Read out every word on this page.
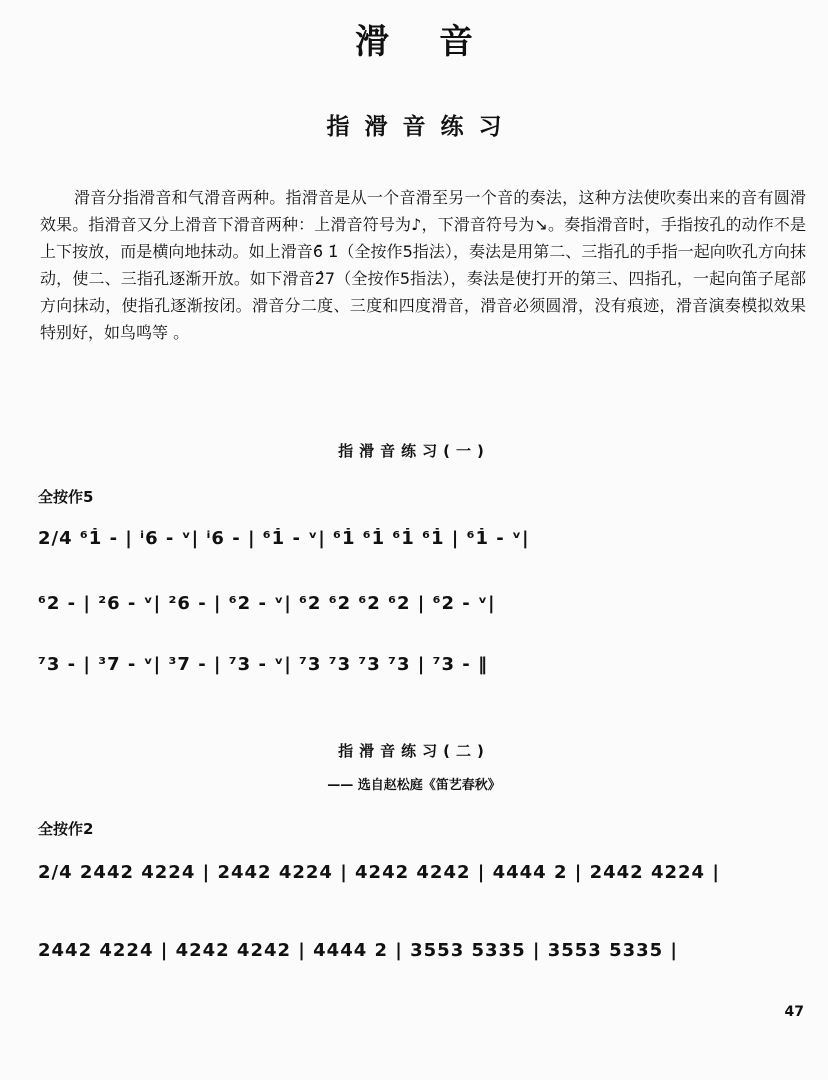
滑音
指滑音练习

滑音分指滑音和气滑音两种。指滑音是从一个音滑至另一个音的奏法，这种方法使吹奏出来的音有圆滑效果。指滑音又分上滑音下滑音两种：上滑音符号为♪，下滑音符号为↘。奏指滑音时，手指按孔的动作不是上下按放，而是横向地抹动。如上滑音6̄ 1̇（全按作5指法），奏法是用第二、三指孔的手指一起向吹孔方向抹动，使二、三指孔逐渐开放。如下滑音2̂7（全按作5指法），奏法是使打开的第三、四指孔，一起向笛子尾部方向抹动，使指孔逐渐按闭。滑音分二度、三度和四度滑音，滑音必须圆滑，没有痕迹，滑音演奏模拟效果特别好，如鸟鸣等 。

指滑音练习(一)
全按作5
2/4 ⁶1̇ - | ⁱ6 - ᵛ| ⁱ6 - | ⁶1̇ - ᵛ| ⁶1̇ ⁶1̇ ⁶1̇ ⁶1̇ | ⁶1̇ - ᵛ|
⁶2 - | ²6 - ᵛ| ²6 - | ⁶2 - ᵛ| ⁶2 ⁶2 ⁶2 ⁶2 | ⁶2 - ᵛ|
⁷3 - | ³7 - ᵛ| ³7 - | ⁷3 - ᵛ| ⁷3 ⁷3 ⁷3 ⁷3 | ⁷3 - ‖
指滑音练习(二)
—— 选自赵松庭《笛艺春秋》
全按作2
2/4 2442 4224 | 2442 4224 | 4242 4242 | 4444 2 | 2442 4224 |
2442 4224 | 4242 4242 | 4444 2 | 3553 5335 | 3553 5335 |
47
